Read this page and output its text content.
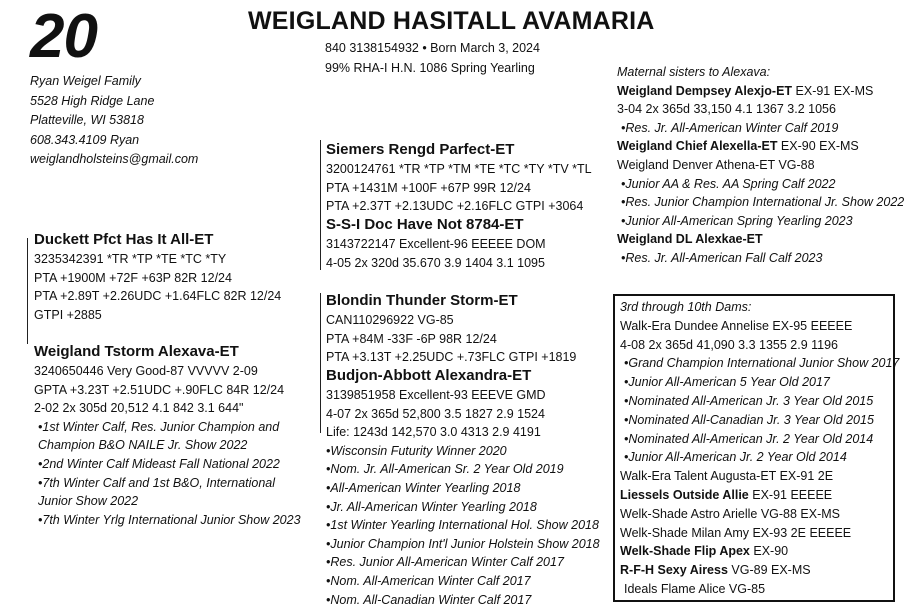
20	WEIGLAND HASITALL AVAMARIA
840 3138154932 • Born March 3, 2024
99% RHA-I H.N. 1086 Spring Yearling
Ryan Weigel Family
5528 High Ridge Lane
Platteville, WI 53818
608.343.4109 Ryan
weiglandholsteins@gmail.com
Duckett Pfct Has It All-ET
3235342391 *TR *TP *TE *TC *TY
PTA +1900M +72F +63P 82R 12/24
PTA +2.89T +2.26UDC +1.64FLC 82R 12/24
GTPI +2885
Weigland Tstorm Alexava-ET
3240650446 Very Good-87 VVVVV 2-09
GPTA +3.23T +2.51UDC +.90FLC 84R 12/24
2-02 2x 305d 20,512 4.1 842 3.1 644"
•1st Winter Calf, Res. Junior Champion and Champion B&O NAILE Jr. Show 2022
•2nd Winter Calf Mideast Fall National 2022
•7th Winter Calf and 1st B&O, International Junior Show 2022
•7th Winter Yrlg International Junior Show 2023
Siemers Rengd Parfect-ET
3200124761 *TR *TP *TM *TE *TC *TY *TV *TL
PTA +1431M +100F +67P 99R 12/24
PTA +2.37T +2.13UDC +2.16FLC GTPI +3064
S-S-I Doc Have Not 8784-ET
3143722147 Excellent-96 EEEEE DOM
4-05 2x 320d 35.670 3.9 1404 3.1 1095
Blondin Thunder Storm-ET
CAN110296922 VG-85
PTA +84M -33F -6P 98R 12/24
PTA +3.13T +2.25UDC +.73FLC GTPI +1819
Budjon-Abbott Alexandra-ET
3139851958 Excellent-93 EEEVE GMD
4-07 2x 365d 52,800 3.5 1827 2.9 1524
Life: 1243d 142,570 3.0 4313 2.9 4191
•Wisconsin Futurity Winner 2020
•Nom. Jr. All-American Sr. 2 Year Old 2019
•All-American Winter Yearling 2018
•Jr. All-American Winter Yearling 2018
•1st Winter Yearling International Hol. Show 2018
•Junior Champion Int'l Junior Holstein Show 2018
•Res. Junior All-American Winter Calf 2017
•Nom. All-American Winter Calf 2017
•Nom. All-Canadian Winter Calf 2017
Maternal sisters to Alexava:
Weigland Dempsey Alexjo-ET EX-91 EX-MS
3-04 2x 365d 33,150 4.1 1367 3.2 1056
•Res. Jr. All-American Winter Calf 2019
Weigland Chief Alexella-ET EX-90 EX-MS
Weigland Denver Athena-ET VG-88
•Junior AA & Res. AA Spring Calf 2022
•Res. Junior Champion International Jr. Show 2022
•Junior All-American Spring Yearling 2023
Weigland DL Alexkae-ET
•Res. Jr. All-American Fall Calf 2023
3rd through 10th Dams:
Walk-Era Dundee Annelise EX-95 EEEEE
4-08 2x 365d 41,090 3.3 1355 2.9 1196
•Grand Champion International Junior Show 2017
•Junior All-American 5 Year Old 2017
•Nominated All-American Jr. 3 Year Old 2015
•Nominated All-Canadian Jr. 3 Year Old 2015
•Nominated All-American Jr. 2 Year Old 2014
•Junior All-American Jr. 2 Year Old 2014
Walk-Era Talent Augusta-ET EX-91 2E
Liessels Outside Allie EX-91 EEEEE
Welk-Shade Astro Arielle VG-88 EX-MS
Welk-Shade Milan Amy EX-93 2E EEEEE
Welk-Shade Flip Apex EX-90
R-F-H Sexy Airess VG-89 EX-MS
Ideals Flame Alice VG-85
